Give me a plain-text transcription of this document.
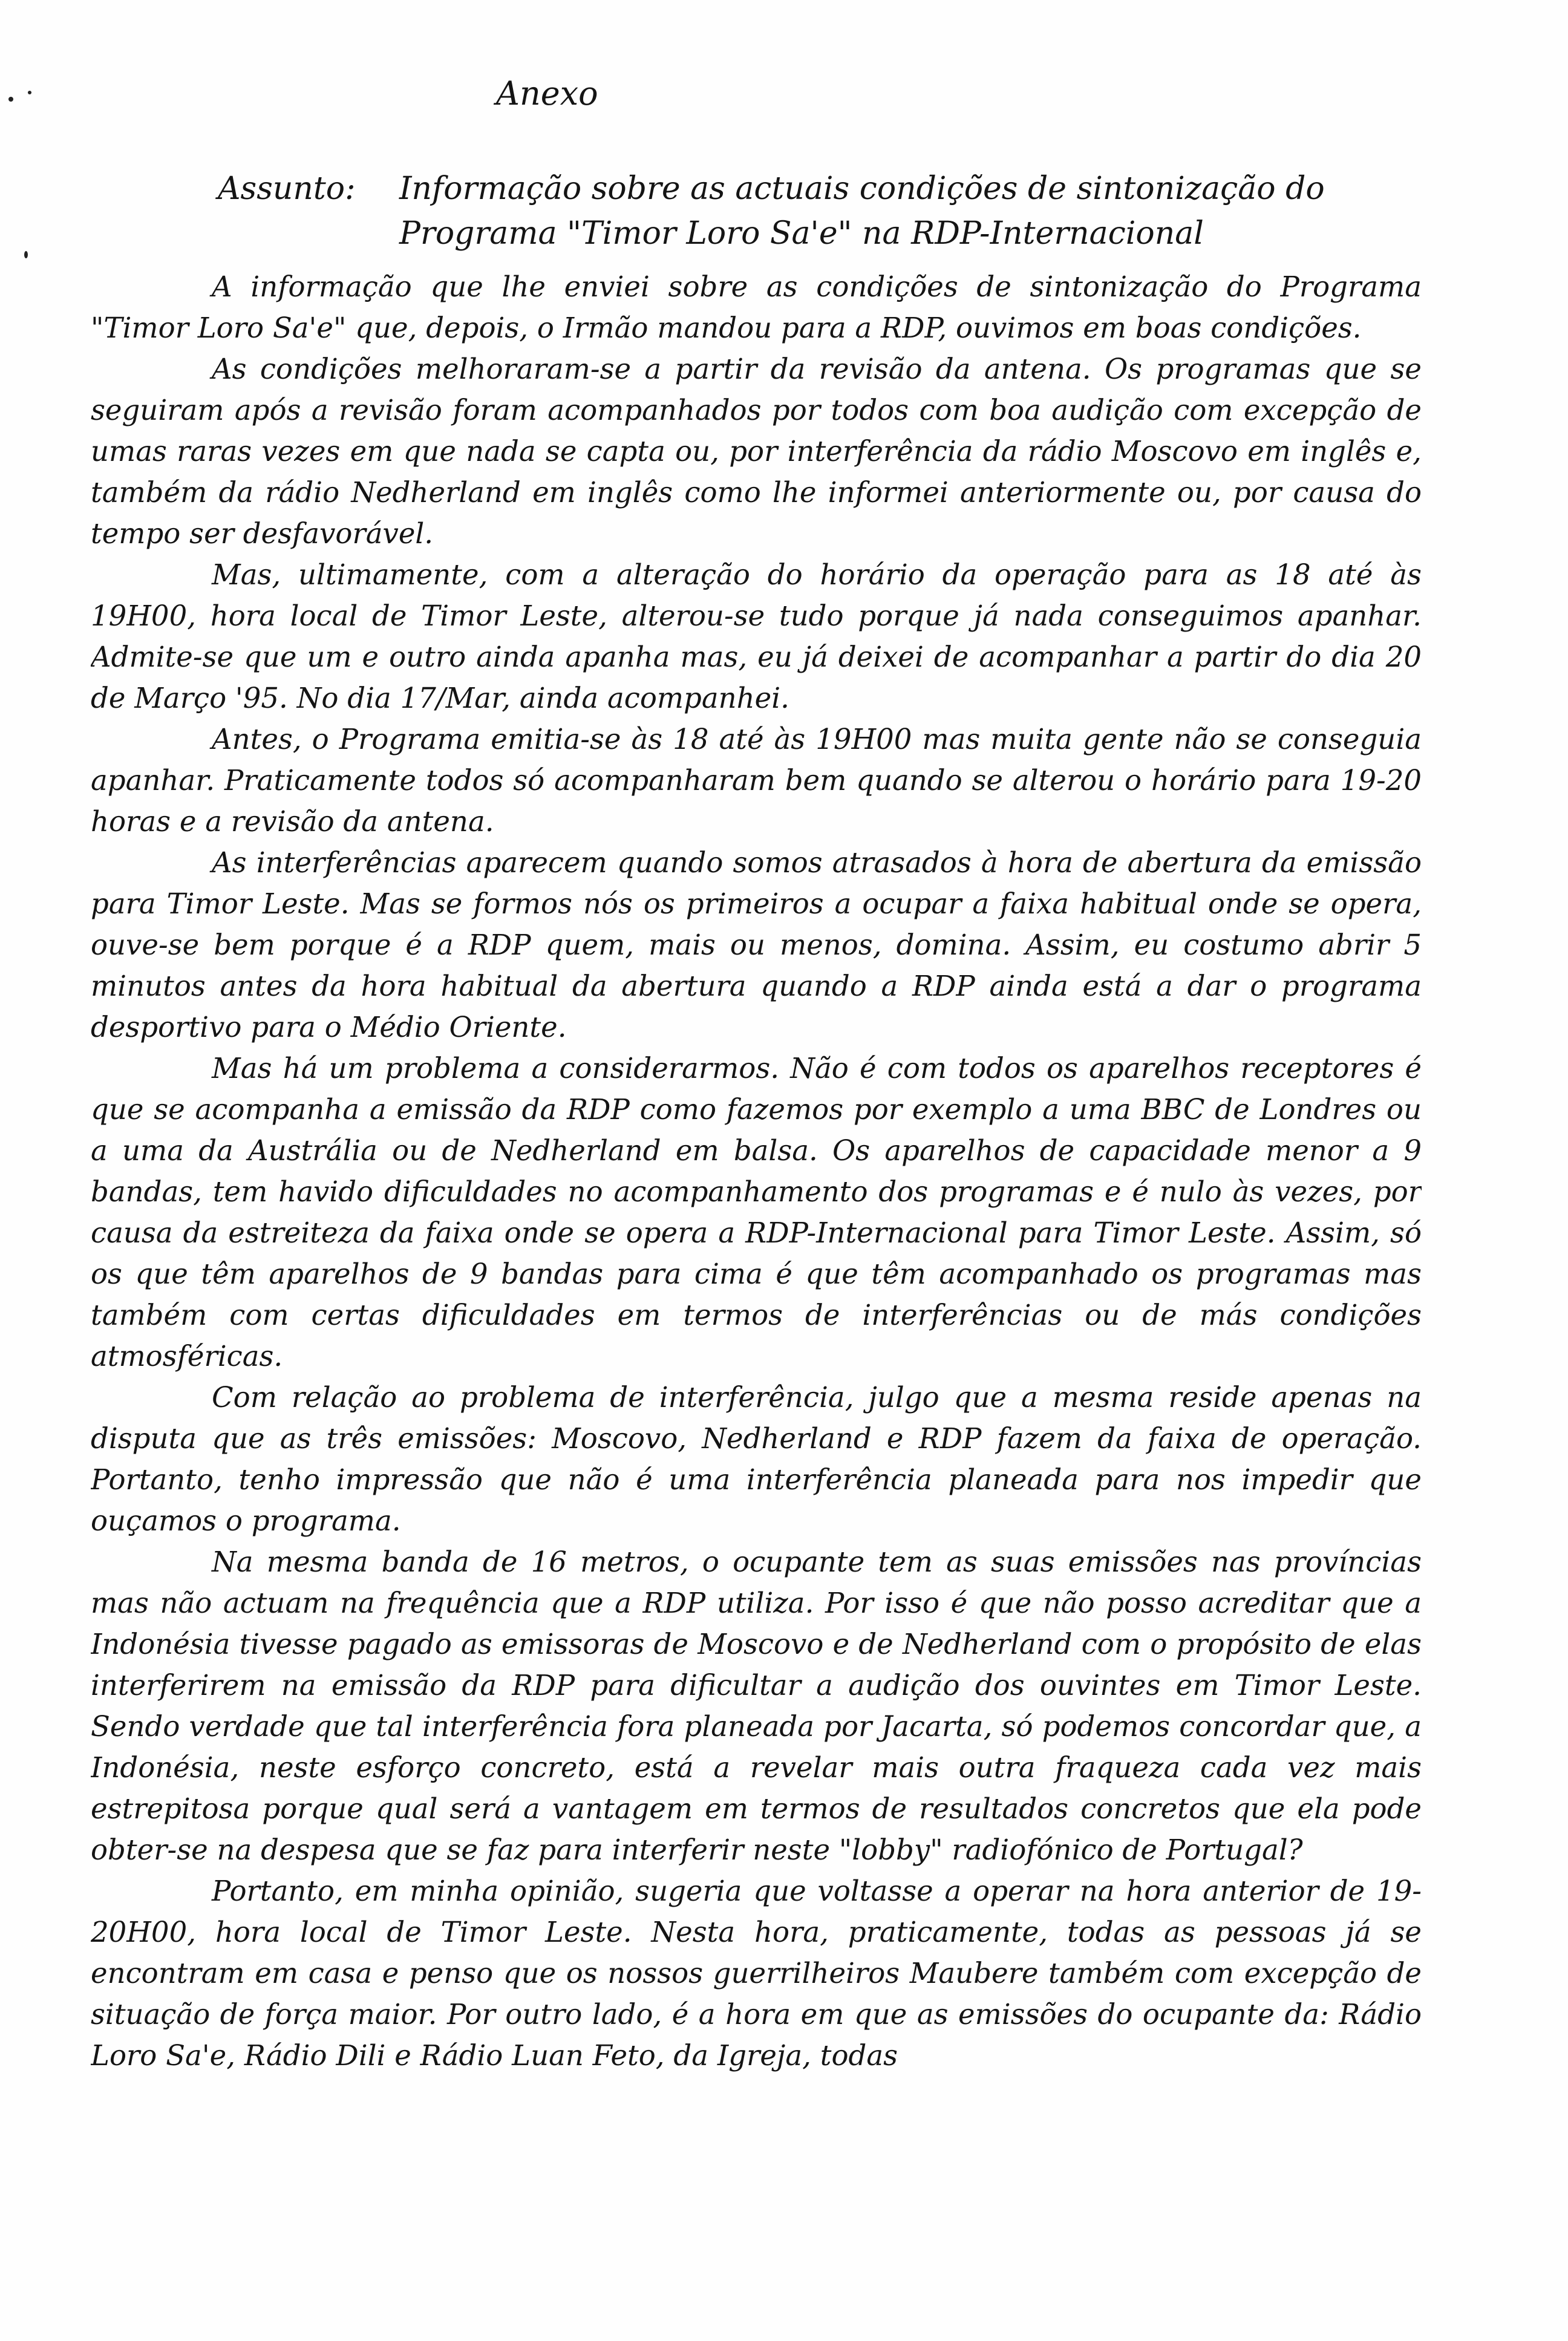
Anexo
Assunto:	Informação sobre as actuais condições de sintonização do Programa "Timor Loro Sa'e" na RDP-Internacional

A informação que lhe enviei sobre as condições de sintonização do Programa "Timor Loro Sa'e" que, depois, o Irmão mandou para a RDP, ouvimos em boas condições.

As condições melhoraram-se a partir da revisão da antena. Os programas que se seguiram após a revisão foram acompanhados por todos com boa audição com excepção de umas raras vezes em que nada se capta ou, por interferência da rádio Moscovo em inglês e, também da rádio Nedherland em inglês como lhe informei anteriormente ou, por causa do tempo ser desfavorável.

Mas, ultimamente, com a alteração do horário da operação para as 18 até às 19H00, hora local de Timor Leste, alterou-se tudo porque já nada conseguimos apanhar. Admite-se que um e outro ainda apanha mas, eu já deixei de acompanhar a partir do dia 20 de Março '95. No dia 17/Mar, ainda acompanhei.

Antes, o Programa emitia-se às 18 até às 19H00 mas muita gente não se conseguia apanhar. Praticamente todos só acompanharam bem quando se alterou o horário para 19-20 horas e a revisão da antena.

As interferências aparecem quando somos atrasados à hora de abertura da emissão para Timor Leste. Mas se formos nós os primeiros a ocupar a faixa habitual onde se opera, ouve-se bem porque é a RDP quem, mais ou menos, domina. Assim, eu costumo abrir 5 minutos antes da hora habitual da abertura quando a RDP ainda está a dar o programa desportivo para o Médio Oriente.

Mas há um problema a considerarmos. Não é com todos os aparelhos receptores é que se acompanha a emissão da RDP como fazemos por exemplo a uma BBC de Londres ou a uma da Austrália ou de Nedherland em balsa. Os aparelhos de capacidade menor a 9 bandas, tem havido dificuldades no acompanhamento dos programas e é nulo às vezes, por causa da estreiteza da faixa onde se opera a RDP-Internacional para Timor Leste. Assim, só os que têm aparelhos de 9 bandas para cima é que têm acompanhado os programas mas também com certas dificuldades em termos de interferências ou de más condições atmosféricas.

Com relação ao problema de interferência, julgo que a mesma reside apenas na disputa que as três emissões: Moscovo, Nedherland e RDP fazem da faixa de operação. Portanto, tenho impressão que não é uma interferência planeada para nos impedir que ouçamos o programa.

Na mesma banda de 16 metros, o ocupante tem as suas emissões nas províncias mas não actuam na frequência que a RDP utiliza. Por isso é que não posso acreditar que a Indonésia tivesse pagado as emissoras de Moscovo e de Nedherland com o propósito de elas interferirem na emissão da RDP para dificultar a audição dos ouvintes em Timor Leste. Sendo verdade que tal interferência fora planeada por Jacarta, só podemos concordar que, a Indonésia, neste esforço concreto, está a revelar mais outra fraqueza cada vez mais estrepitosa porque qual será a vantagem em termos de resultados concretos que ela pode obter-se na despesa que se faz para interferir neste "lobby" radiofónico de Portugal?

Portanto, em minha opinião, sugeria que voltasse a operar na hora anterior de 19-20H00, hora local de Timor Leste. Nesta hora, praticamente, todas as pessoas já se encontram em casa e penso que os nossos guerrilheiros Maubere também com excepção de situação de força maior. Por outro lado, é a hora em que as emissões do ocupante da: Rádio Loro Sa'e, Rádio Dili e Rádio Luan Feto, da Igreja, todas
